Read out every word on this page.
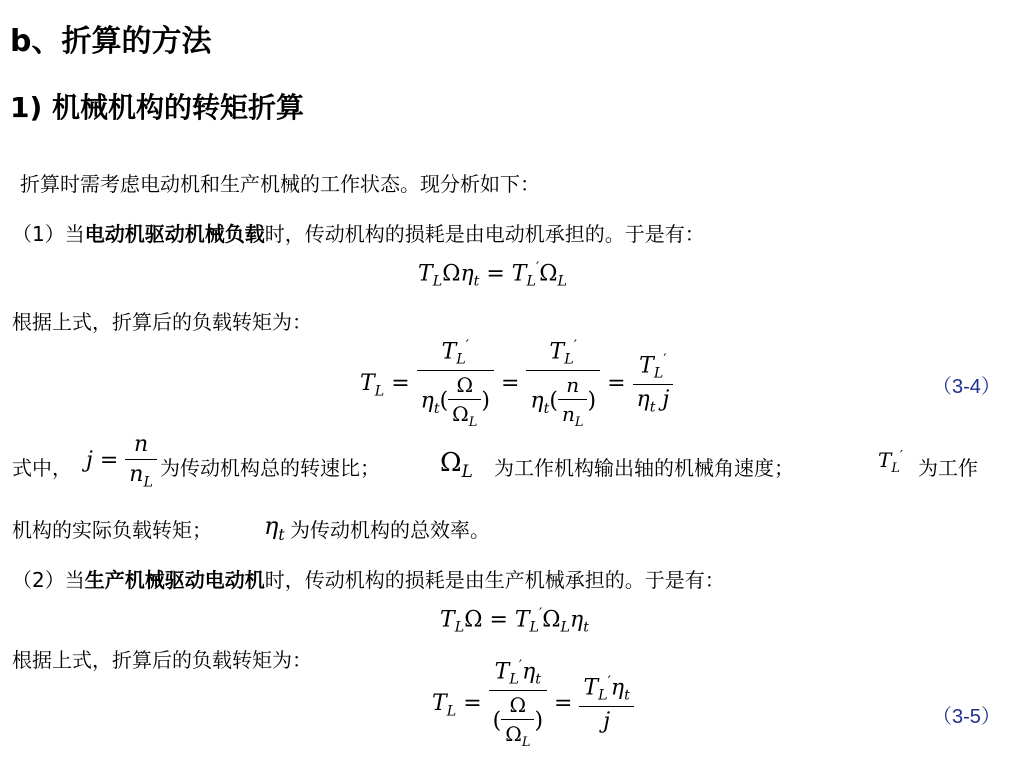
b、折算的方法
1) 机械机构的转矩折算
折算时需考虑电动机和生产机械的工作状态。现分析如下：
（1）当电动机驱动机械负载时，传动机构的损耗是由电动机承担的。于是有：
$T_L\Omega\eta_t = T_L'\Omega_L$
根据上式，折算后的负载转矩为：
$T_L$ =
$T_L'$
$\eta_t( \frac{\Omega}{\Omega_L}$ )
=
$T_L'$
$\eta_t( \frac{n}{n_L}$ )
= $\frac{T_L'}{\eta_t j}$	（3-4）
式中， $j = \frac{n}{n_L}$ 为传动机构总的转速比； $\Omega_L$ 为工作机构输出轴的机械角速度；	$T_L'$
为工作
机构的实际负载转矩； $\eta_t$ 为传动机构的总效率。
（2）当生产机械驱动电动机时，传动机构的损耗是由生产机械承担的。于是有：
$T_L\Omega = T_L'\Omega_L\eta_t$
根据上式，折算后的负载转矩为：
$T_L$ =
$T_L'\eta_t$
( $\frac{\Omega}{\Omega_L}$ )
= $\frac{T_L'\eta_t}{j}$	（3-5）
